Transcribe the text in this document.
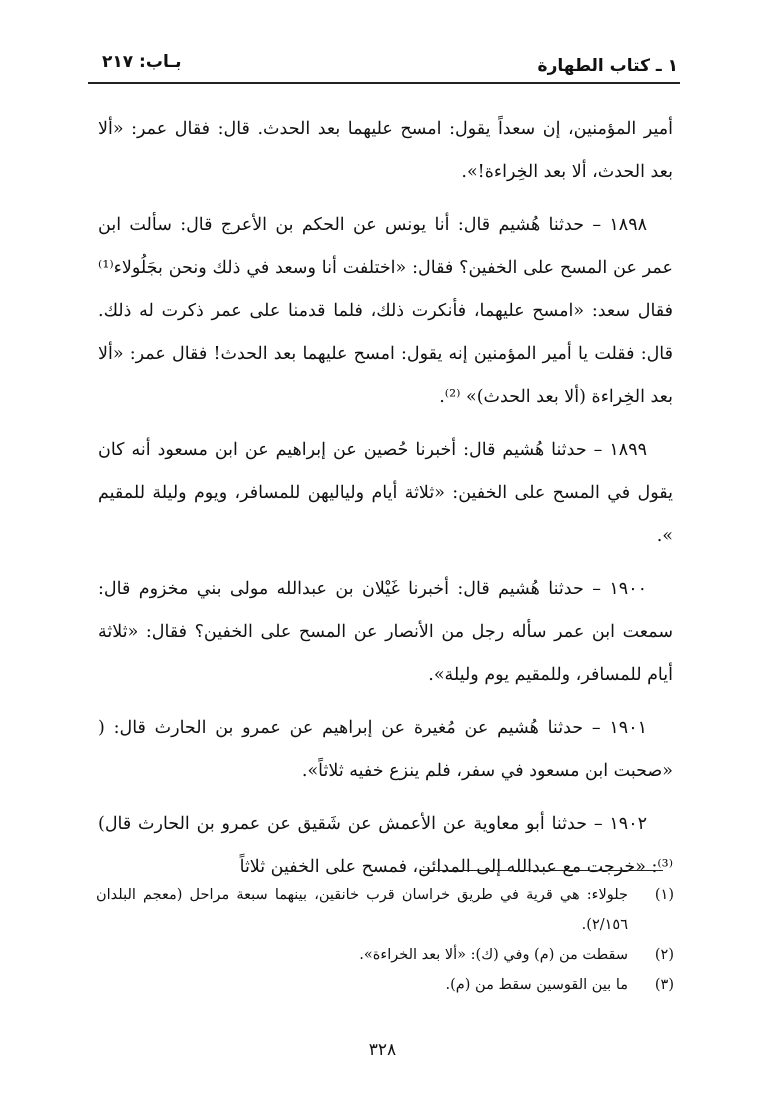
١ ـ كتاب الطهارة
بـاب: ٢١٧

أمير المؤمنين، إن سعداً يقول: امسح عليهما بعد الحدث. قال: فقال عمر: «ألا بعد الحدث، ألا بعد الخِراءة!».

١٨٩٨ – حدثنا هُشيم قال: أنا يونس عن الحكم بن الأعرج قال: سألت ابن عمر عن المسح على الخفين؟ فقال: «اختلفت أنا وسعد في ذلك ونحن بجَلُولاء⁽¹⁾ فقال سعد: «امسح عليهما، فأنكرت ذلك، فلما قدمنا على عمر ذكرت له ذلك. قال: فقلت يا أمير المؤمنين إنه يقول: امسح عليهما بعد الحدث! فقال عمر: «ألا بعد الخِراءة (ألا بعد الحدث)» ⁽²⁾.

١٨٩٩ – حدثنا هُشيم قال: أخبرنا حُصين عن إبراهيم عن ابن مسعود أنه كان يقول في المسح على الخفين: «ثلاثة أيام ولياليهن للمسافر، ويوم وليلة للمقيم ».

١٩٠٠ – حدثنا هُشيم قال: أخبرنا غَيْلان بن عبدالله مولى بني مخزوم قال: سمعت ابن عمر سأله رجل من الأنصار عن المسح على الخفين؟ فقال: «ثلاثة أيام للمسافر، وللمقيم يوم وليلة».

١٩٠١ – حدثنا هُشيم عن مُغيرة عن إبراهيم عن عمرو بن الحارث قال: ( «صحبت ابن مسعود في سفر، فلم ينزع خفيه ثلاثاً».

١٩٠٢ – حدثنا أبو معاوية عن الأعمش عن شَقيق عن عمرو بن الحارث قال) ⁽³⁾: «خرجت مع عبدالله إلى المدائن، فمسح على الخفين ثلاثاً

(١)
جلولاء: هي قرية في طريق خراسان قرب خانقين، بينهما سبعة مراحل (معجم البلدان ٢/١٥٦).

(٢)
سقطت من (م) وفي (ك): «ألا بعد الخراءة».

(٣)
ما بين القوسين سقط من (م).

٣٢٨
